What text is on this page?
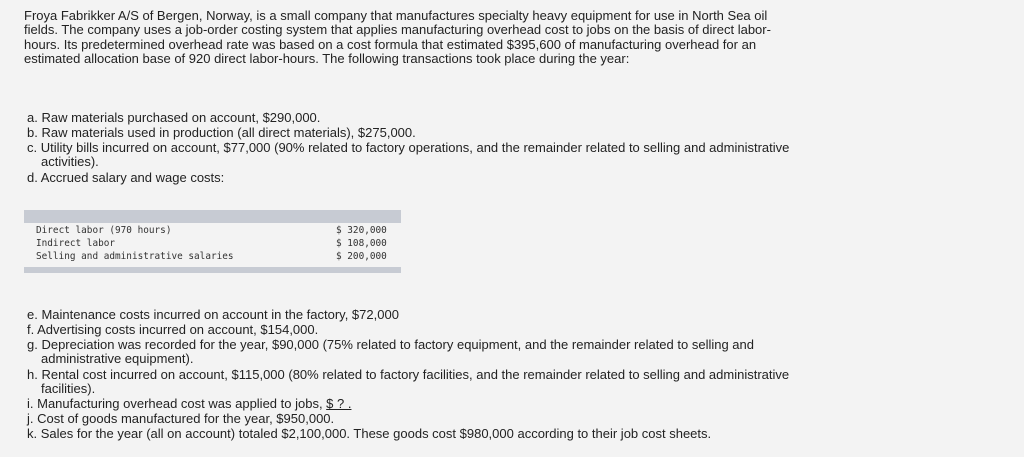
Froya Fabrikker A/S of Bergen, Norway, is a small company that manufactures specialty heavy equipment for use in North Sea oil fields. The company uses a job-order costing system that applies manufacturing overhead cost to jobs on the basis of direct labor-hours. Its predetermined overhead rate was based on a cost formula that estimated $395,600 of manufacturing overhead for an estimated allocation base of 920 direct labor-hours. The following transactions took place during the year:
a. Raw materials purchased on account, $290,000.
b. Raw materials used in production (all direct materials), $275,000.
c. Utility bills incurred on account, $77,000 (90% related to factory operations, and the remainder related to selling and administrative
activities).
d. Accrued salary and wage costs:
Direct labor (970 hours)	$ 320,000
Indirect labor	$ 108,000
Selling and administrative salaries	$ 200,000
e. Maintenance costs incurred on account in the factory, $72,000
f. Advertising costs incurred on account, $154,000.
g. Depreciation was recorded for the year, $90,000 (75% related to factory equipment, and the remainder related to selling and
administrative equipment).
h. Rental cost incurred on account, $115,000 (80% related to factory facilities, and the remainder related to selling and administrative
facilities).
i. Manufacturing overhead cost was applied to jobs, $ ? .
j. Cost of goods manufactured for the year, $950,000.
k. Sales for the year (all on account) totaled $2,100,000. These goods cost $980,000 according to their job cost sheets.
